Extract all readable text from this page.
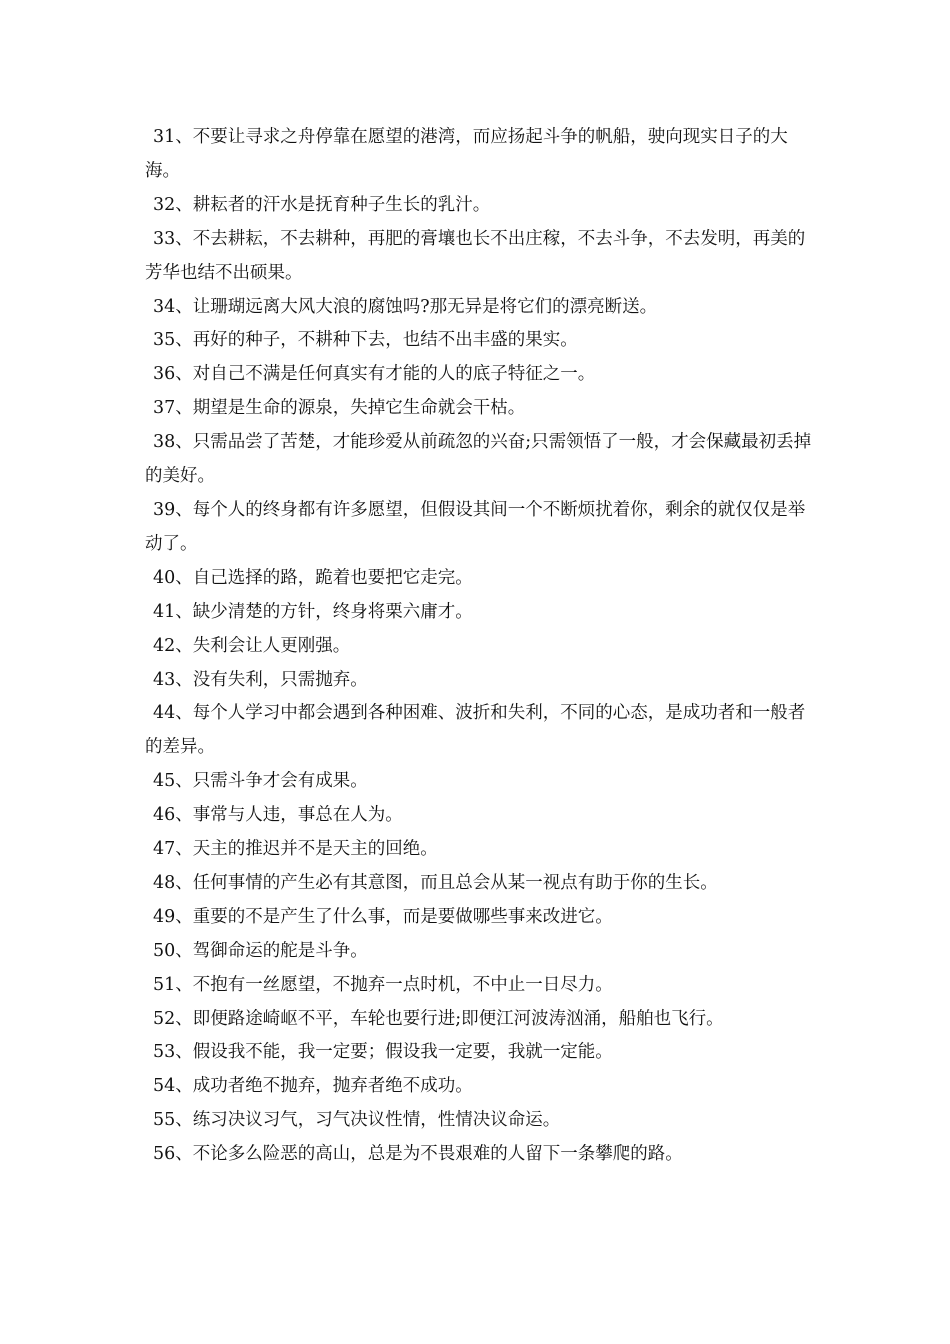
31、不要让寻求之舟停靠在愿望的港湾，而应扬起斗争的帆船，驶向现实日子的大海。

32、耕耘者的汗水是抚育种子生长的乳汁。

33、不去耕耘，不去耕种，再肥的膏壤也长不出庄稼，不去斗争，不去发明，再美的芳华也结不出硕果。

34、让珊瑚远离大风大浪的腐蚀吗?那无异是将它们的漂亮断送。

35、再好的种子，不耕种下去，也结不出丰盛的果实。

36、对自己不满是任何真实有才能的人的底子特征之一。

37、期望是生命的源泉，失掉它生命就会干枯。

38、只需品尝了苦楚，才能珍爱从前疏忽的兴奋;只需领悟了一般，才会保藏最初丢掉的美好。

39、每个人的终身都有许多愿望，但假设其间一个不断烦扰着你，剩余的就仅仅是举动了。

40、自己选择的路，跪着也要把它走完。

41、缺少清楚的方针，终身将栗六庸才。

42、失利会让人更刚强。

43、没有失利，只需抛弃。

44、每个人学习中都会遇到各种困难、波折和失利，不同的心态，是成功者和一般者的差异。

45、只需斗争才会有成果。

46、事常与人违，事总在人为。

47、天主的推迟并不是天主的回绝。

48、任何事情的产生必有其意图，而且总会从某一视点有助于你的生长。

49、重要的不是产生了什么事，而是要做哪些事来改进它。

50、驾御命运的舵是斗争。

51、不抱有一丝愿望，不抛弃一点时机，不中止一日尽力。

52、即便路途崎岖不平，车轮也要行进;即便江河波涛汹涌，船舶也飞行。

53、假设我不能，我一定要；假设我一定要，我就一定能。

54、成功者绝不抛弃，抛弃者绝不成功。

55、练习决议习气，习气决议性情，性情决议命运。

56、不论多么险恶的高山，总是为不畏艰难的人留下一条攀爬的路。
